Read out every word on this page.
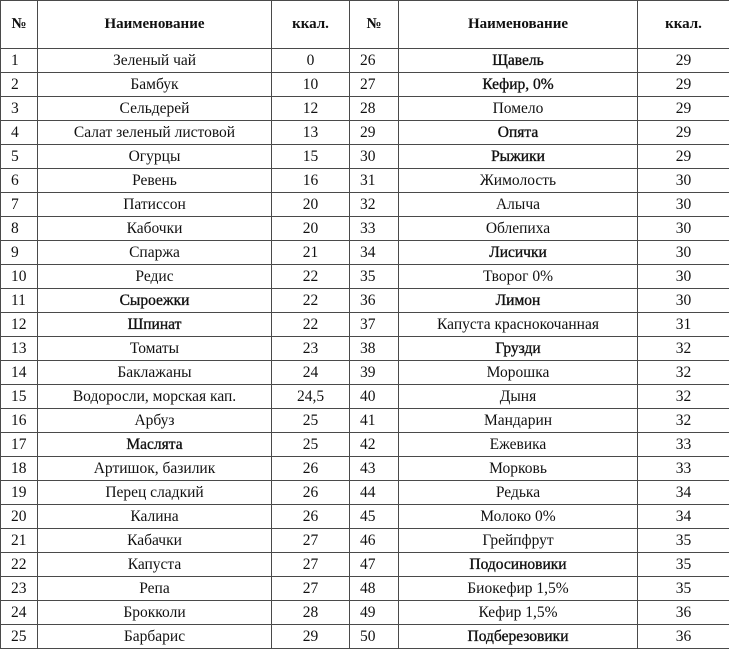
№	Наименование	ккал.	№	Наименование	ккал.
1	Зеленый чай	0	26	Щавель	29
2	Бамбук	10	27	Кефир, 0%	29
3	Сельдерей	12	28	Помело	29
4	Салат зеленый листовой	13	29	Опята	29
5	Огурцы	15	30	Рыжики	29
6	Ревень	16	31	Жимолость	30
7	Патиссон	20	32	Алыча	30
8	Кабочки	20	33	Облепиха	30
9	Спаржа	21	34	Лисички	30
10	Редис	22	35	Творог 0%	30
11	Сыроежки	22	36	Лимон	30
12	Шпинат	22	37	Капуста краснокочанная	31
13	Томаты	23	38	Грузди	32
14	Баклажаны	24	39	Морошка	32
15	Водоросли, морская кап.	24,5	40	Дыня	32
16	Арбуз	25	41	Мандарин	32
17	Маслята	25	42	Ежевика	33
18	Артишок, базилик	26	43	Морковь	33
19	Перец сладкий	26	44	Редька	34
20	Калина	26	45	Молоко 0%	34
21	Кабачки	27	46	Грейпфрут	35
22	Капуста	27	47	Подосиновики	35
23	Репа	27	48	Биокефир 1,5%	35
24	Брокколи	28	49	Кефир 1,5%	36
25	Барбарис	29	50	Подберезовики	36
